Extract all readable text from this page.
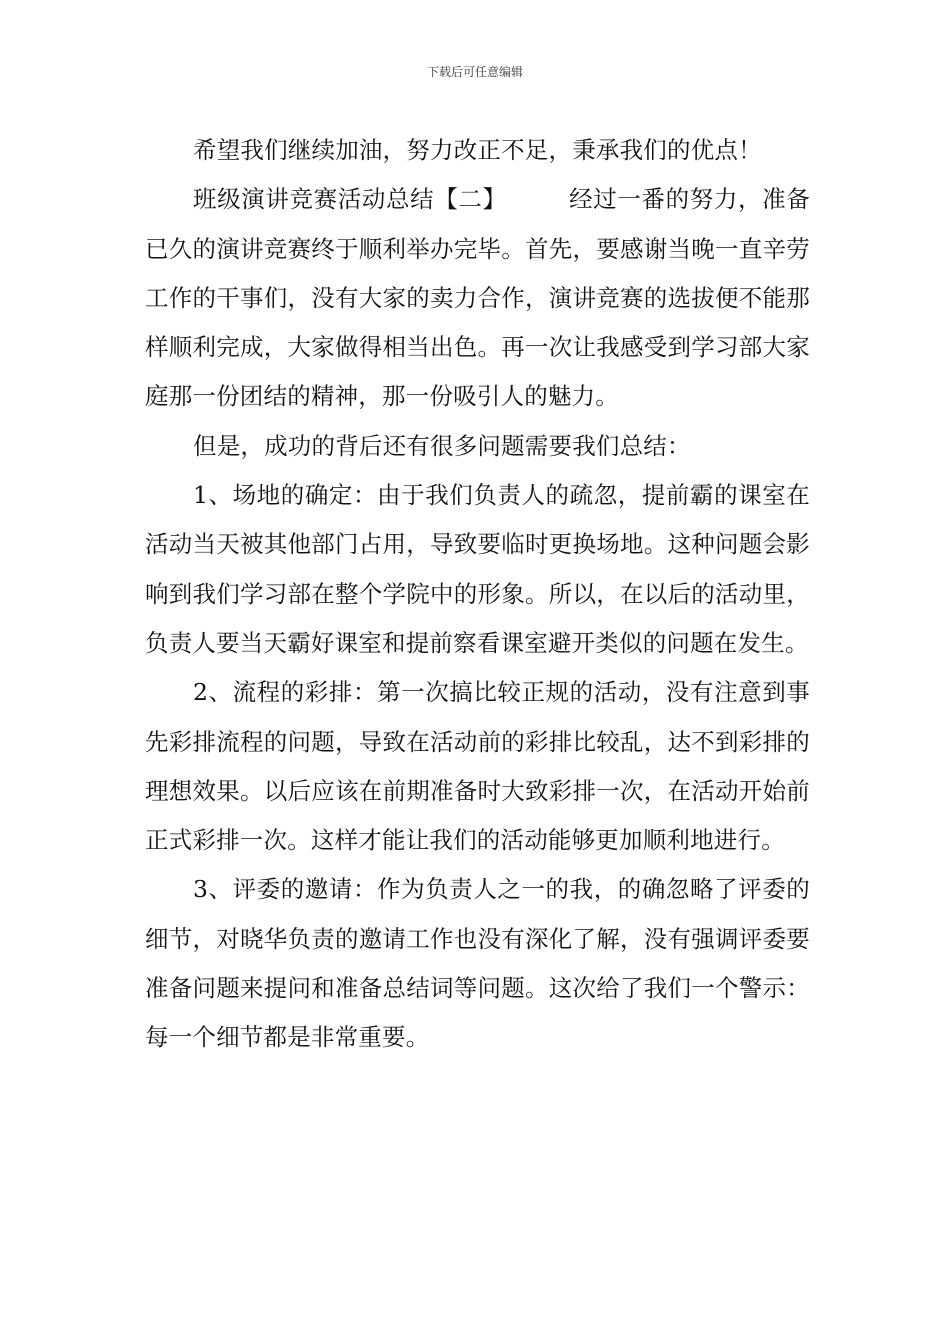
下载后可任意编辑

希望我们继续加油，努力改正不足，秉承我们的优点！

班级演讲竞赛活动总结【二】	经过一番的努力，准备已久的演讲竞赛终于顺利举办完毕。首先，要感谢当晚一直辛劳工作的干事们，没有大家的卖力合作，演讲竞赛的选拔便不能那样顺利完成，大家做得相当出色。再一次让我感受到学习部大家庭那一份团结的精神，那一份吸引人的魅力。

但是，成功的背后还有很多问题需要我们总结：

1、场地的确定：由于我们负责人的疏忽，提前霸的课室在活动当天被其他部门占用，导致要临时更换场地。这种问题会影响到我们学习部在整个学院中的形象。所以，在以后的活动里，负责人要当天霸好课室和提前察看课室避开类似的问题在发生。

2、流程的彩排：第一次搞比较正规的活动，没有注意到事先彩排流程的问题，导致在活动前的彩排比较乱，达不到彩排的理想效果。以后应该在前期准备时大致彩排一次，在活动开始前正式彩排一次。这样才能让我们的活动能够更加顺利地进行。

3、评委的邀请：作为负责人之一的我，的确忽略了评委的细节，对晓华负责的邀请工作也没有深化了解，没有强调评委要准备问题来提问和准备总结词等问题。这次给了我们一个警示：每一个细节都是非常重要。
